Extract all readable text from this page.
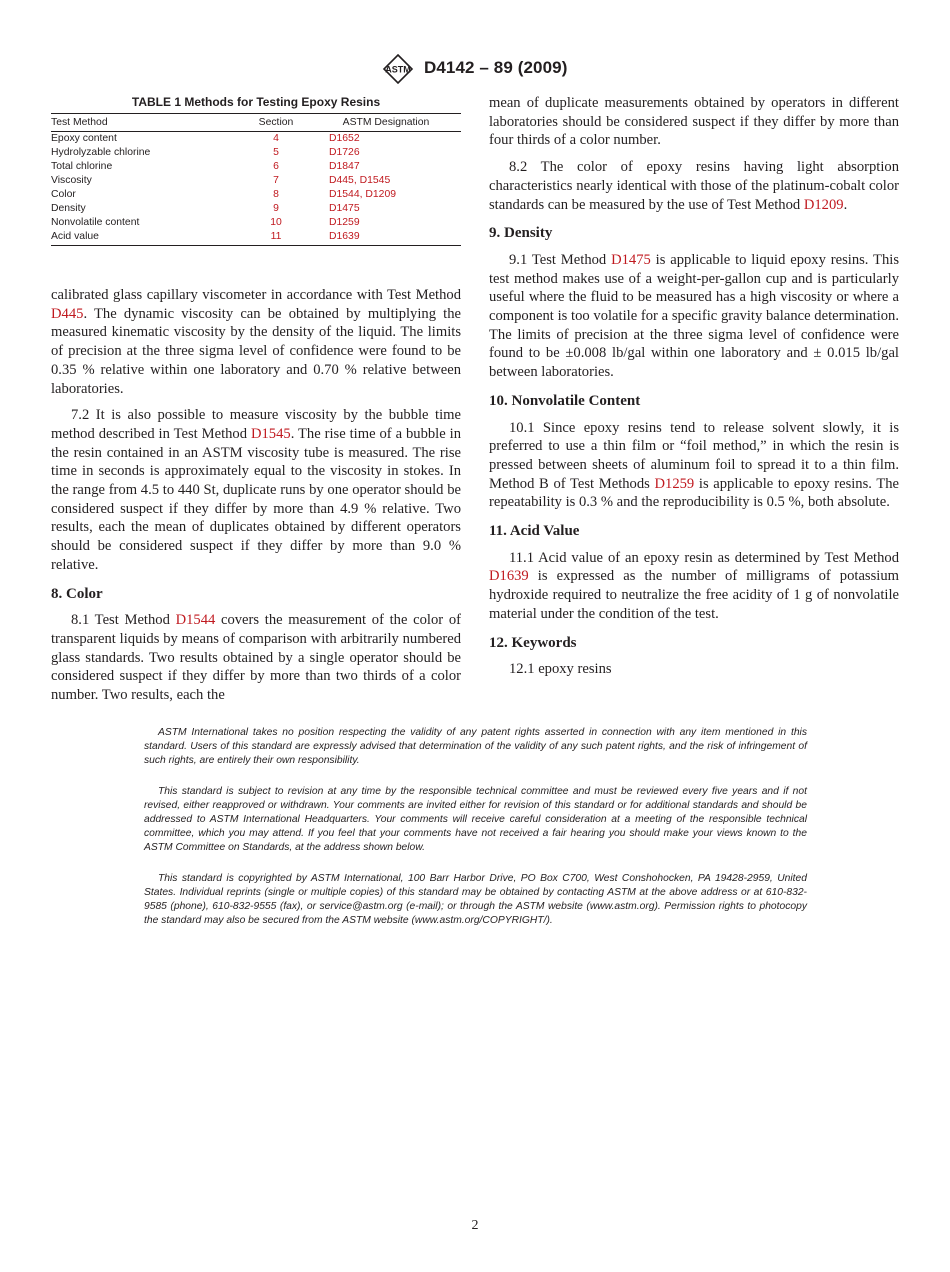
ASTM D4142 – 89 (2009)
TABLE 1 Methods for Testing Epoxy Resins
Test Method	Section	ASTM Designation
Epoxy content	4	D1652
Hydrolyzable chlorine	5	D1726
Total chlorine	6	D1847
Viscosity	7	D445, D1545
Color	8	D1544, D1209
Density	9	D1475
Nonvolatile content	10	D1259
Acid value	11	D1639

calibrated glass capillary viscometer in accordance with Test Method D445. The dynamic viscosity can be obtained by multiplying the measured kinematic viscosity by the density of the liquid. The limits of precision at the three sigma level of confidence were found to be 0.35 % relative within one laboratory and 0.70 % relative between laboratories.

7.2 It is also possible to measure viscosity by the bubble time method described in Test Method D1545. The rise time of a bubble in the resin contained in an ASTM viscosity tube is measured. The rise time in seconds is approximately equal to the viscosity in stokes. In the range from 4.5 to 440 St, duplicate runs by one operator should be considered suspect if they differ by more than 4.9 % relative. Two results, each the mean of duplicates obtained by different operators should be considered suspect if they differ by more than 9.0 % relative.

8. Color

8.1 Test Method D1544 covers the measurement of the color of transparent liquids by means of comparison with arbitrarily numbered glass standards. Two results obtained by a single operator should be considered suspect if they differ by more than two thirds of a color number. Two results, each the

mean of duplicate measurements obtained by operators in different laboratories should be considered suspect if they differ by more than four thirds of a color number.

8.2 The color of epoxy resins having light absorption characteristics nearly identical with those of the platinum-cobalt color standards can be measured by the use of Test Method D1209.

9. Density

9.1 Test Method D1475 is applicable to liquid epoxy resins. This test method makes use of a weight-per-gallon cup and is particularly useful where the fluid to be measured has a high viscosity or where a component is too volatile for a specific gravity balance determination. The limits of precision at the three sigma level of confidence were found to be ±0.008 lb/gal within one laboratory and ± 0.015 lb/gal between laboratories.

10. Nonvolatile Content

10.1 Since epoxy resins tend to release solvent slowly, it is preferred to use a thin film or “foil method,” in which the resin is pressed between sheets of aluminum foil to spread it to a thin film. Method B of Test Methods D1259 is applicable to epoxy resins. The repeatability is 0.3 % and the reproducibility is 0.5 %, both absolute.

11. Acid Value

11.1 Acid value of an epoxy resin as determined by Test Method D1639 is expressed as the number of milligrams of potassium hydroxide required to neutralize the free acidity of 1 g of nonvolatile material under the condition of the test.

12. Keywords

12.1 epoxy resins

ASTM International takes no position respecting the validity of any patent rights asserted in connection with any item mentioned in this standard. Users of this standard are expressly advised that determination of the validity of any such patent rights, and the risk of infringement of such rights, are entirely their own responsibility.

This standard is subject to revision at any time by the responsible technical committee and must be reviewed every five years and if not revised, either reapproved or withdrawn. Your comments are invited either for revision of this standard or for additional standards and should be addressed to ASTM International Headquarters. Your comments will receive careful consideration at a meeting of the responsible technical committee, which you may attend. If you feel that your comments have not received a fair hearing you should make your views known to the ASTM Committee on Standards, at the address shown below.

This standard is copyrighted by ASTM International, 100 Barr Harbor Drive, PO Box C700, West Conshohocken, PA 19428-2959, United States. Individual reprints (single or multiple copies) of this standard may be obtained by contacting ASTM at the above address or at 610-832-9585 (phone), 610-832-9555 (fax), or service@astm.org (e-mail); or through the ASTM website (www.astm.org). Permission rights to photocopy the standard may also be secured from the ASTM website (www.astm.org/COPYRIGHT/).

2
